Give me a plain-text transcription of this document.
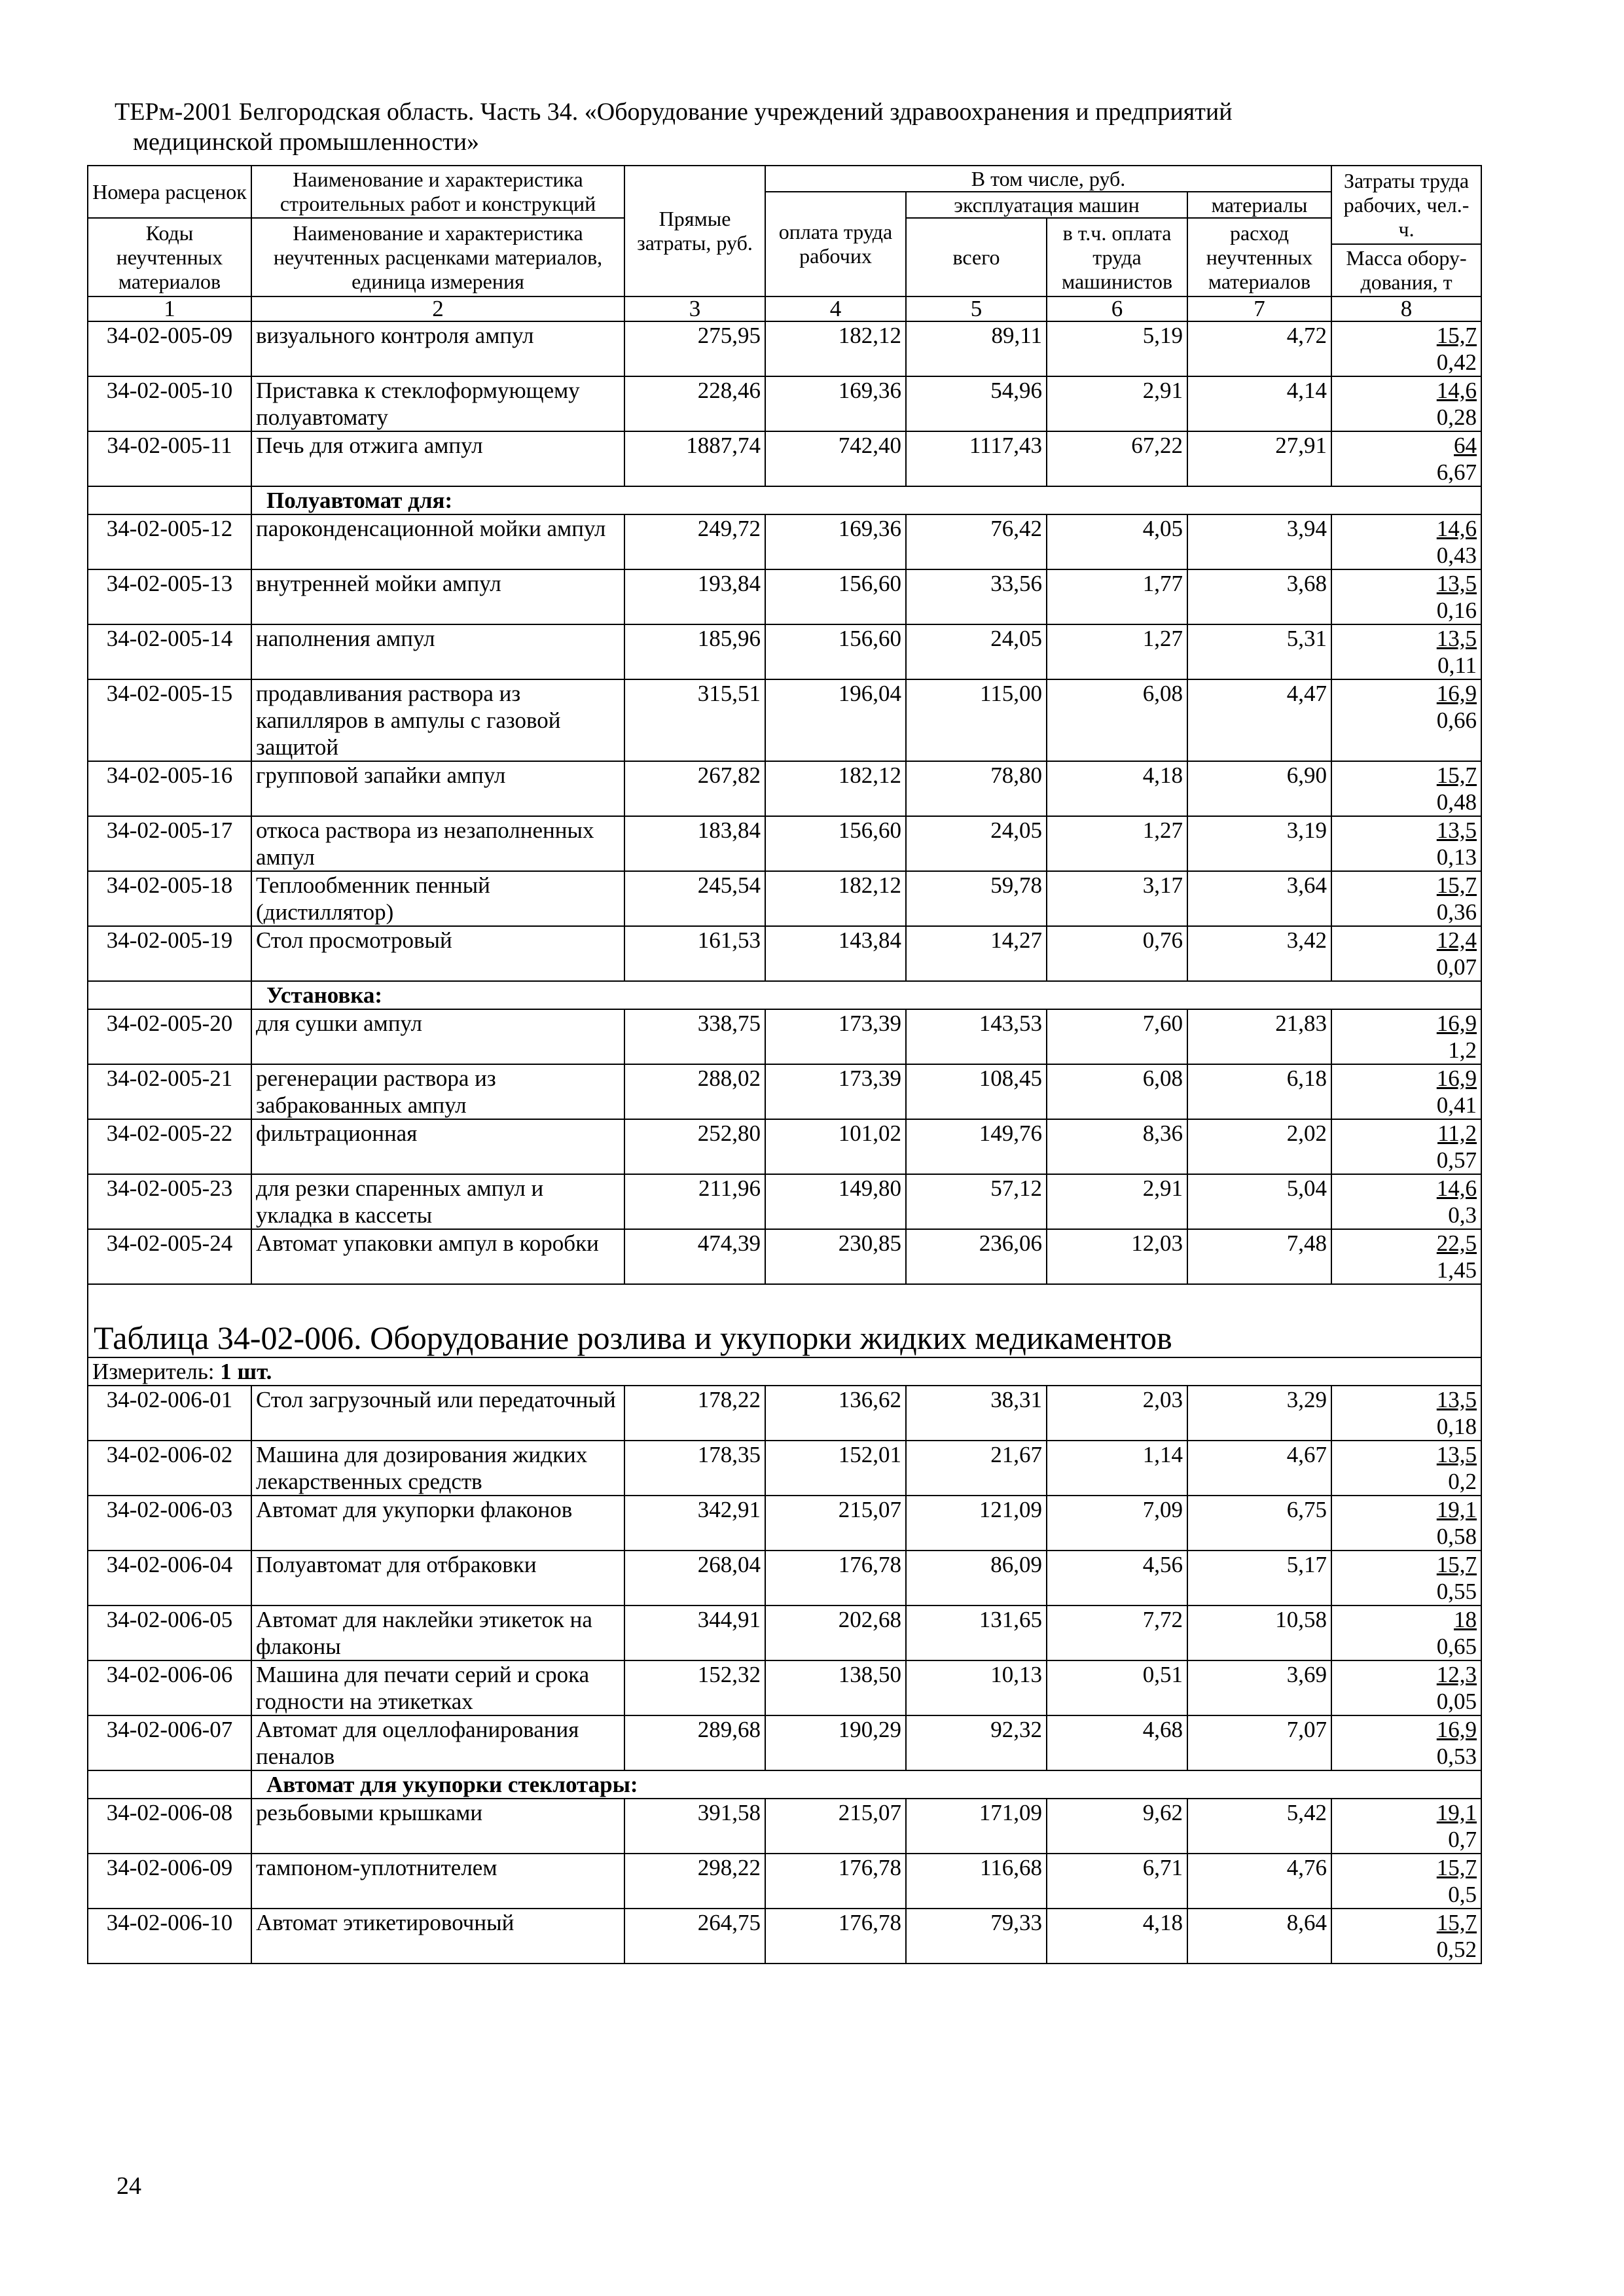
ТЕРм-2001 Белгородская область. Часть 34. «Оборудование учреждений здравоохранения и предприятий
медицинской промышленности»
Номера расценок	Наименование и характеристика строительных работ и конструкций	Прямые затраты, руб.	В том числе, руб.				Затраты труда рабочих, чел.-ч.
			оплата труда рабочих	эксплуатация машин		материалы	
Коды неучтенных материалов	Наименование и характеристика неучтенных расценками материалов, единица измерения			всего	в т.ч. оплата труда машинистов	расход неучтенных материалов	
							Масса обору-дования, т
1	2	3	4	5	6	7	8
34-02-005-09	визуального контроля ампул	275,95	182,12	89,11	5,19	4,72	15,7
0,42

34-02-005-10	Приставка к стеклоформующему полуавтомату	228,46	169,36	54,96	2,91	4,14	14,6
0,28

34-02-005-11	Печь для отжига ампул	1887,74	742,40	1117,43	67,22	27,91	64
6,67

	Полуавтомат для:						
34-02-005-12	пароконденсационной мойки ампул	249,72	169,36	76,42	4,05	3,94	14,6
0,43

34-02-005-13	внутренней мойки ампул	193,84	156,60	33,56	1,77	3,68	13,5
0,16

34-02-005-14	наполнения ампул	185,96	156,60	24,05	1,27	5,31	13,5
0,11

34-02-005-15	продавливания раствора из капилляров в ампулы с газовой защитой	315,51	196,04	115,00	6,08	4,47	16,9
0,66

34-02-005-16	групповой запайки ампул	267,82	182,12	78,80	4,18	6,90	15,7
0,48

34-02-005-17	откоса раствора из незаполненных ампул	183,84	156,60	24,05	1,27	3,19	13,5
0,13

34-02-005-18	Теплообменник пенный (дистиллятор)	245,54	182,12	59,78	3,17	3,64	15,7
0,36

34-02-005-19	Стол просмотровый	161,53	143,84	14,27	0,76	3,42	12,4
0,07

	Установка:						
34-02-005-20	для сушки ампул	338,75	173,39	143,53	7,60	21,83	16,9
1,2

34-02-005-21	регенерации раствора из забракованных ампул	288,02	173,39	108,45	6,08	6,18	16,9
0,41

34-02-005-22	фильтрационная	252,80	101,02	149,76	8,36	2,02	11,2
0,57

34-02-005-23	для резки спаренных ампул и укладка в кассеты	211,96	149,80	57,12	2,91	5,04	14,6
0,3

34-02-005-24	Автомат упаковки ампул в коробки	474,39	230,85	236,06	12,03	7,48	22,5
1,45

Таблица 34-02-006. Оборудование розлива и укупорки жидких медикаментов							
Измеритель: 1 шт.							
34-02-006-01	Стол загрузочный или передаточный	178,22	136,62	38,31	2,03	3,29	13,5
0,18

34-02-006-02	Машина для дозирования жидких лекарственных средств	178,35	152,01	21,67	1,14	4,67	13,5
0,2

34-02-006-03	Автомат для укупорки флаконов	342,91	215,07	121,09	7,09	6,75	19,1
0,58

34-02-006-04	Полуавтомат для отбраковки	268,04	176,78	86,09	4,56	5,17	15,7
0,55

34-02-006-05	Автомат для наклейки этикеток на флаконы	344,91	202,68	131,65	7,72	10,58	18
0,65

34-02-006-06	Машина для печати серий и срока годности на этикетках	152,32	138,50	10,13	0,51	3,69	12,3
0,05

34-02-006-07	Автомат для оцеллофанирования пеналов	289,68	190,29	92,32	4,68	7,07	16,9
0,53

	Автомат для укупорки стеклотары:						
34-02-006-08	резьбовыми крышками	391,58	215,07	171,09	9,62	5,42	19,1
0,7

34-02-006-09	тампоном-уплотнителем	298,22	176,78	116,68	6,71	4,76	15,7
0,5

34-02-006-10	Автомат этикетировочный	264,75	176,78	79,33	4,18	8,64	15,7
0,52
24
